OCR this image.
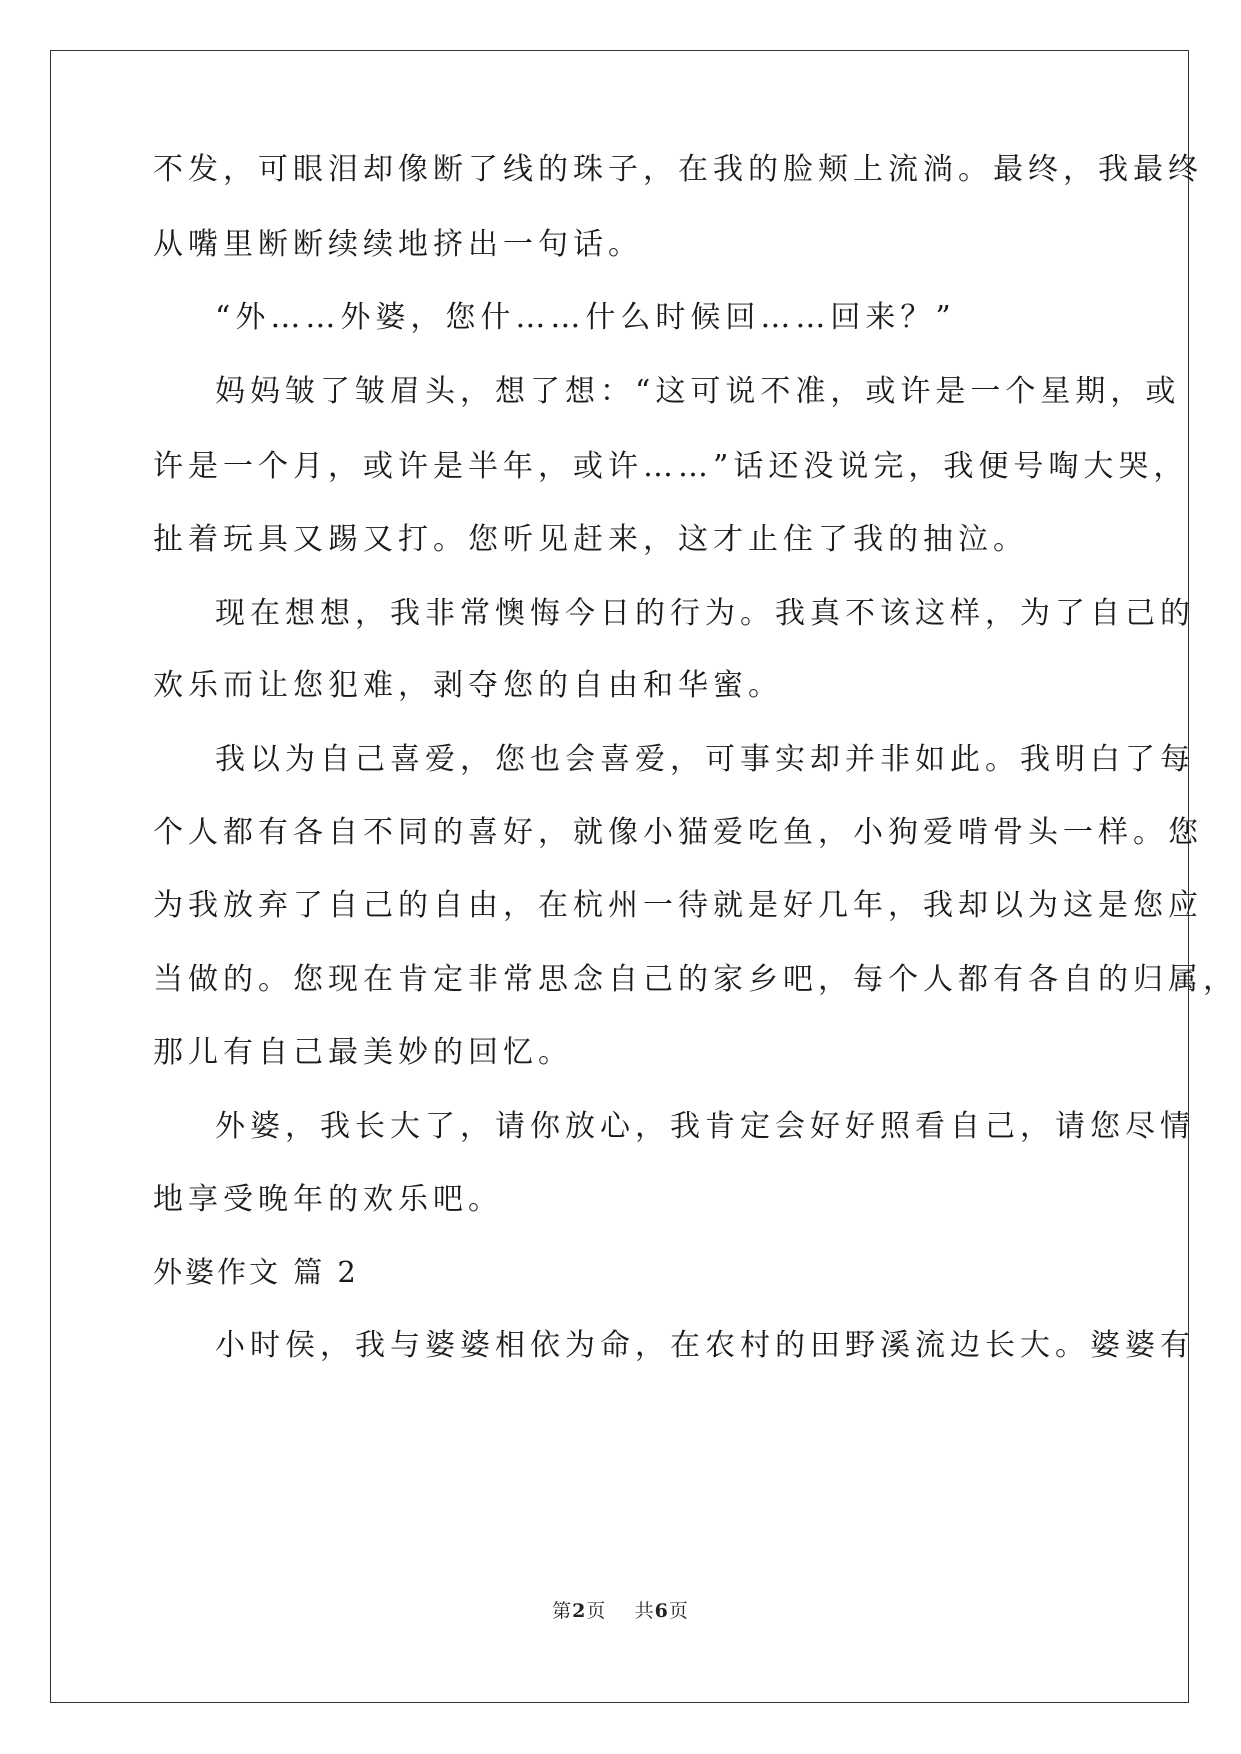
不发，可眼泪却像断了线的珠子，在我的脸颊上流淌。最终，我最终
从嘴里断断续续地挤出一句话。
“外……外婆，您什……什么时候回……回来？”
妈妈皱了皱眉头，想了想：“这可说不准，或许是一个星期，或
许是一个月，或许是半年，或许……”话还没说完，我便号啕大哭，
扯着玩具又踢又打。您听见赶来，这才止住了我的抽泣。
现在想想，我非常懊悔今日的行为。我真不该这样，为了自己的
欢乐而让您犯难，剥夺您的自由和华蜜。
我以为自己喜爱，您也会喜爱，可事实却并非如此。我明白了每
个人都有各自不同的喜好，就像小猫爱吃鱼，小狗爱啃骨头一样。您
为我放弃了自己的自由，在杭州一待就是好几年，我却以为这是您应
当做的。您现在肯定非常思念自己的家乡吧，每个人都有各自的归属，
那儿有自己最美妙的回忆。
外婆，我长大了，请你放心，我肯定会好好照看自己，请您尽情
地享受晚年的欢乐吧。
外婆作文 篇 2
小时侯，我与婆婆相依为命，在农村的田野溪流边长大。婆婆有
第2页    共6页
